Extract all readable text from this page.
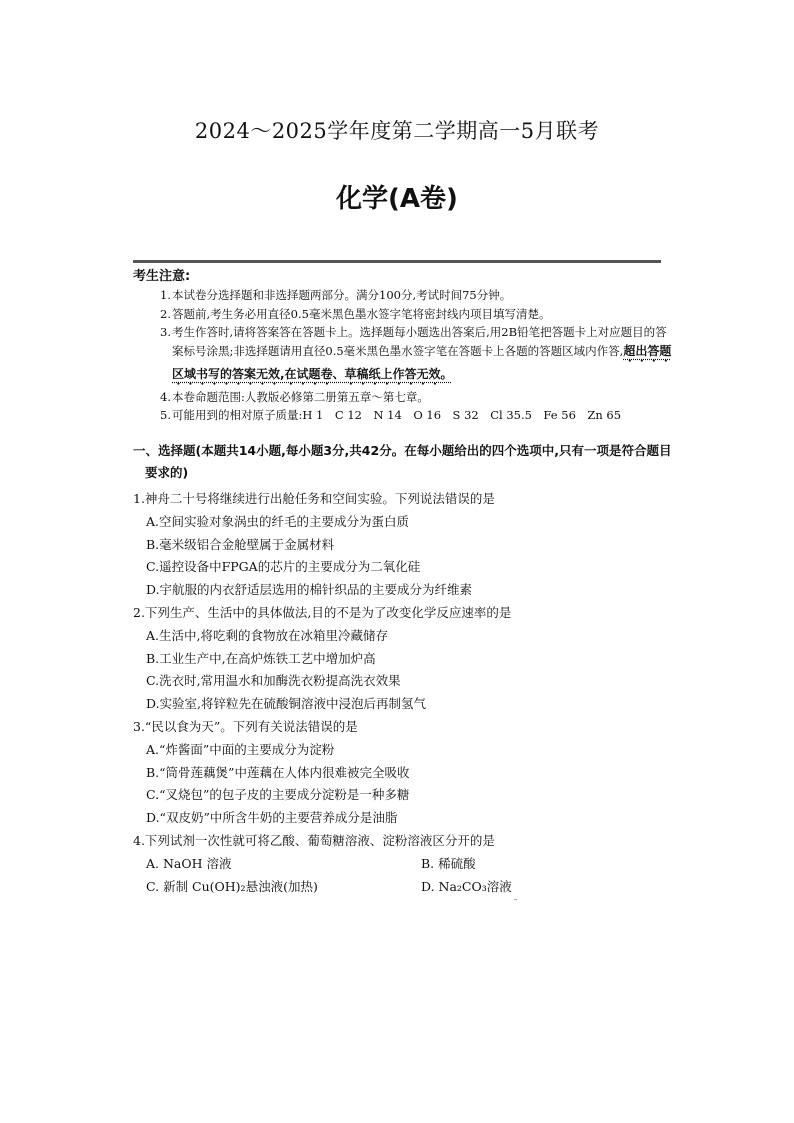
2024～2025学年度第二学期高一5月联考
化学(A卷)
考生注意:
1. 本试卷分选择题和非选择题两部分。满分100分,考试时间75分钟。
2. 答题前,考生务必用直径0.5毫米黑色墨水签字笔将密封线内项目填写清楚。
3. 考生作答时,请将答案答在答题卡上。选择题每小题选出答案后,用2B铅笔把答题卡上对应题目的答案标号涂黑;非选择题请用直径0.5毫米黑色墨水签字笔在答题卡上各题的答题区域内作答,超出答题区域书写的答案无效,在试题卷、草稿纸上作答无效。
4. 本卷命题范围:人教版必修第二册第五章～第七章。
5. 可能用到的相对原子质量:H 1　C 12　N 14　O 16　S 32　Cl 35.5　Fe 56　Zn 65
一、选择题(本题共14小题,每小题3分,共42分。在每小题给出的四个选项中,只有一项是符合题目要求的)
1.神舟二十号将继续进行出舱任务和空间实验。下列说法错误的是
A.空间实验对象涡虫的纤毛的主要成分为蛋白质
B.毫米级铝合金舱壁属于金属材料
C.遥控设备中FPGA的芯片的主要成分为二氧化硅
D.宇航服的内衣舒适层选用的棉针织品的主要成分为纤维素
2.下列生产、生活中的具体做法,目的不是为了改变化学反应速率的是
A.生活中,将吃剩的食物放在冰箱里冷藏储存
B.工业生产中,在高炉炼铁工艺中增加炉高
C.洗衣时,常用温水和加酶洗衣粉提高洗衣效果
D.实验室,将锌粒先在硫酸铜溶液中浸泡后再制氢气
3.“民以食为天”。下列有关说法错误的是
A.“炸酱面”中面的主要成分为淀粉
B.“筒骨莲藕煲”中莲藕在人体内很难被完全吸收
C.“叉烧包”的包子皮的主要成分淀粉是一种多糖
D.“双皮奶”中所含牛奶的主要营养成分是油脂
4.下列试剂一次性就可将乙酸、葡萄糖溶液、淀粉溶液区分开的是
A. NaOH 溶液	B. 稀硫酸
C. 新制 Cu(OH)₂悬浊液(加热)	D. Na₂CO₃溶液
